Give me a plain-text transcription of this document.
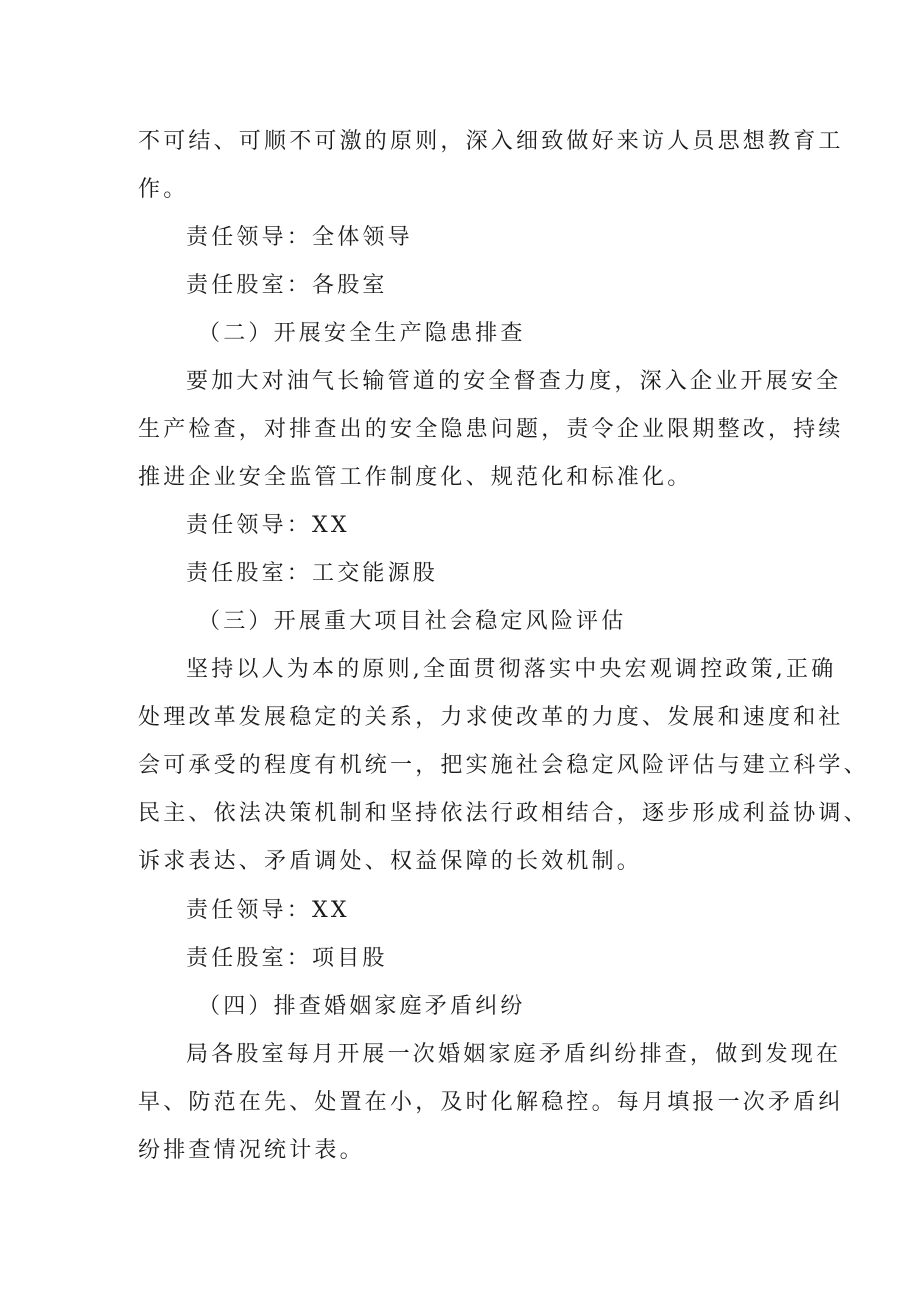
不可结、可顺不可激的原则，深入细致做好来访人员思想教育工
作。
责任领导：全体领导
责任股室：各股室
（二）开展安全生产隐患排查
要加大对油气长输管道的安全督查力度，深入企业开展安全
生产检查，对排查出的安全隐患问题，责令企业限期整改，持续
推进企业安全监管工作制度化、规范化和标准化。
责任领导：XX
责任股室：工交能源股
（三）开展重大项目社会稳定风险评估
坚持以人为本的原则,全面贯彻落实中央宏观调控政策,正确
处理改革发展稳定的关系，力求使改革的力度、发展和速度和社
会可承受的程度有机统一，把实施社会稳定风险评估与建立科学、
民主、依法决策机制和坚持依法行政相结合，逐步形成利益协调、
诉求表达、矛盾调处、权益保障的长效机制。
责任领导：XX
责任股室：项目股
（四）排查婚姻家庭矛盾纠纷
局各股室每月开展一次婚姻家庭矛盾纠纷排查，做到发现在
早、防范在先、处置在小，及时化解稳控。每月填报一次矛盾纠
纷排查情况统计表。
